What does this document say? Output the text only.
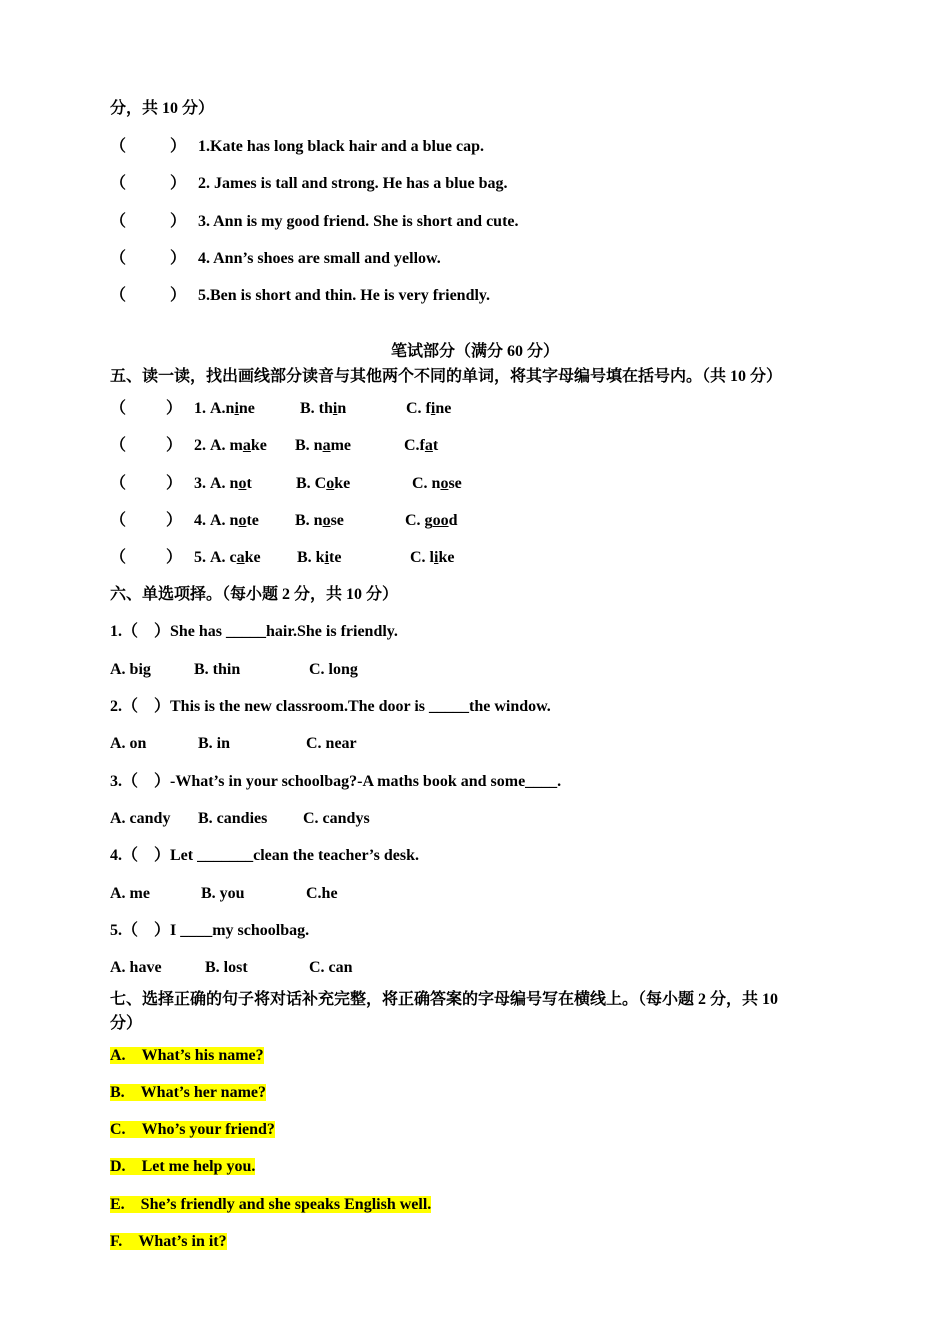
分，共 10 分）
（	） 1.Kate has long black hair and a blue cap.
（	） 2. James is tall and strong. He has a blue bag.
（	） 3. Ann is my good friend. She is short and cute.
（	） 4. Ann’s shoes are small and yellow.
（	） 5.Ben is short and thin. He is very friendly.
笔试部分（满分 60 分）
五、读一读，找出画线部分读音与其他两个不同的单词，将其字母编号填在括号内。（共 10 分）
（ ） 1. A.nine	B. thin	C. fine
（ ） 2. A. make B. name	C.fat
（ ） 3. A. not	B. Coke	C. nose
（ ） 4. A. note B. nose	C. good
（ ） 5. A. cake B. kite	C. like
六、单选项择。（每小题 2 分，共 10 分）
1.（　）She has _____hair.She is friendly.
A. big	B. thin	C. long
2.（　）This is the new classroom.The door is _____the window.
A. on	B. in	C. near
3.（　）-What’s in your schoolbag?-A maths book and some____.
A. candy B. candies C. candys
4.（　）Let _______clean the teacher’s desk.
A. me	B. you	C.he
5.（　）I ____my schoolbag.
A. have	B. lost	C. can
七、选择正确的句子将对话补充完整，将正确答案的字母编号写在横线上。（每小题 2 分，共 10
分）
A. What’s his name?
B. What’s her name?
C. Who’s your friend?
D. Let me help you.
E. She’s friendly and she speaks English well.
F. What’s in it?
